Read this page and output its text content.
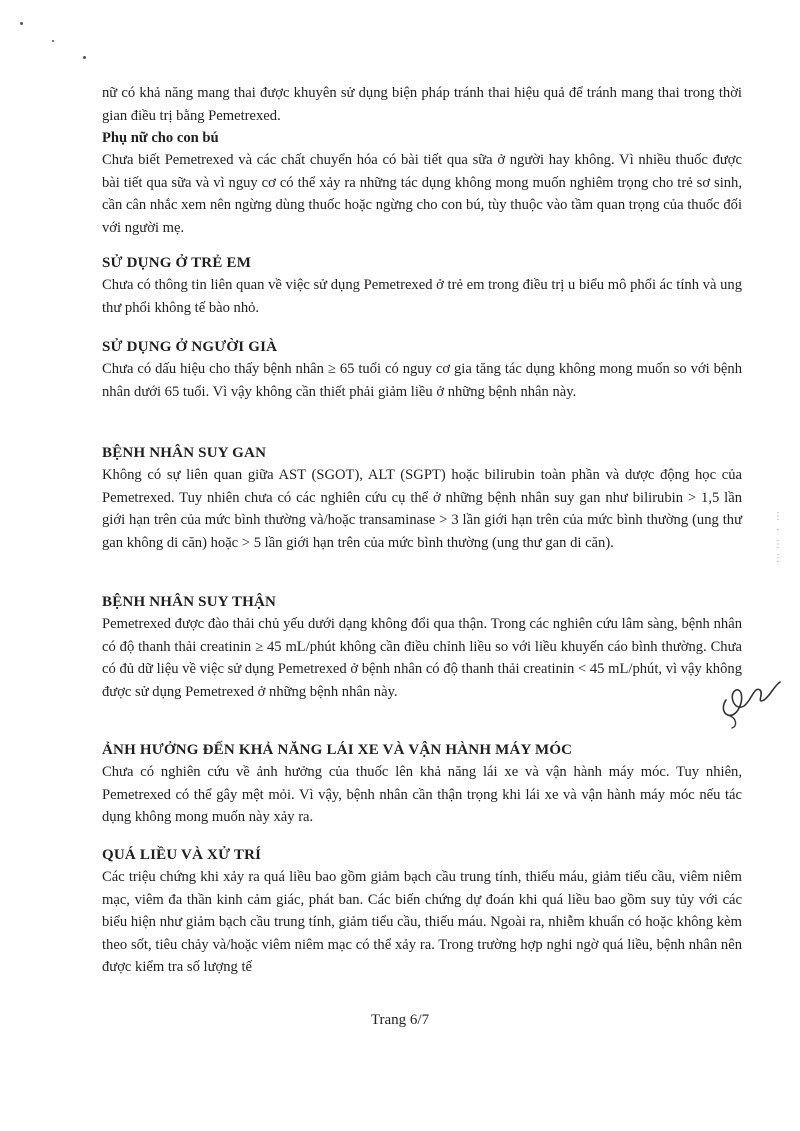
nữ có khả năng mang thai được khuyên sử dụng biện pháp tránh thai hiệu quả để tránh mang thai trong thời gian điều trị bằng Pemetrexed.

Phụ nữ cho con bú

Chưa biết Pemetrexed và các chất chuyển hóa có bài tiết qua sữa ở người hay không. Vì nhiều thuốc được bài tiết qua sữa và vì nguy cơ có thể xảy ra những tác dụng không mong muốn nghiêm trọng cho trẻ sơ sinh, cần cân nhắc xem nên ngừng dùng thuốc hoặc ngừng cho con bú, tùy thuộc vào tầm quan trọng của thuốc đối với người mẹ.

SỬ DỤNG Ở TRẺ EM

Chưa có thông tin liên quan về việc sử dụng Pemetrexed ở trẻ em trong điều trị u biểu mô phổi ác tính và ung thư phổi không tế bào nhỏ.

SỬ DỤNG Ở NGƯỜI GIÀ

Chưa có dấu hiệu cho thấy bệnh nhân ≥ 65 tuổi có nguy cơ gia tăng tác dụng không mong muốn so với bệnh nhân dưới 65 tuổi. Vì vậy không cần thiết phải giảm liều ở những bệnh nhân này.

BỆNH NHÂN SUY GAN

Không có sự liên quan giữa AST (SGOT), ALT (SGPT) hoặc bilirubin toàn phần và dược động học của Pemetrexed. Tuy nhiên chưa có các nghiên cứu cụ thể ở những bệnh nhân suy gan như bilirubin > 1,5 lần giới hạn trên của mức bình thường và/hoặc transaminase > 3 lần giới hạn trên của mức bình thường (ung thư gan không di căn) hoặc > 5 lần giới hạn trên của mức bình thường (ung thư gan di căn).

BỆNH NHÂN SUY THẬN

Pemetrexed được đào thải chủ yếu dưới dạng không đổi qua thận. Trong các nghiên cứu lâm sàng, bệnh nhân có độ thanh thải creatinin ≥ 45 mL/phút không cần điều chỉnh liều so với liều khuyến cáo bình thường. Chưa có đủ dữ liệu về việc sử dụng Pemetrexed ở bệnh nhân có độ thanh thải creatinin < 45 mL/phút, vì vậy không được sử dụng Pemetrexed ở những bệnh nhân này.

ẢNH HƯỞNG ĐẾN KHẢ NĂNG LÁI XE VÀ VẬN HÀNH MÁY MÓC

Chưa có nghiên cứu về ảnh hưởng của thuốc lên khả năng lái xe và vận hành máy móc. Tuy nhiên, Pemetrexed có thể gây mệt mỏi. Vì vậy, bệnh nhân cần thận trọng khi lái xe và vận hành máy móc nếu tác dụng không mong muốn này xảy ra.

QUÁ LIỀU VÀ XỬ TRÍ

Các triệu chứng khi xảy ra quá liều bao gồm giảm bạch cầu trung tính, thiếu máu, giảm tiểu cầu, viêm niêm mạc, viêm đa thần kinh cảm giác, phát ban. Các biến chứng dự đoán khi quá liều bao gồm suy tủy với các biểu hiện như giảm bạch cầu trung tính, giảm tiểu cầu, thiếu máu. Ngoài ra, nhiễm khuẩn có hoặc không kèm theo sốt, tiêu chảy và/hoặc viêm niêm mạc có thể xảy ra. Trong trường hợp nghi ngờ quá liều, bệnh nhân nên được kiểm tra số lượng tế

⋮
·
⋮
⋮
Trang 6/7
